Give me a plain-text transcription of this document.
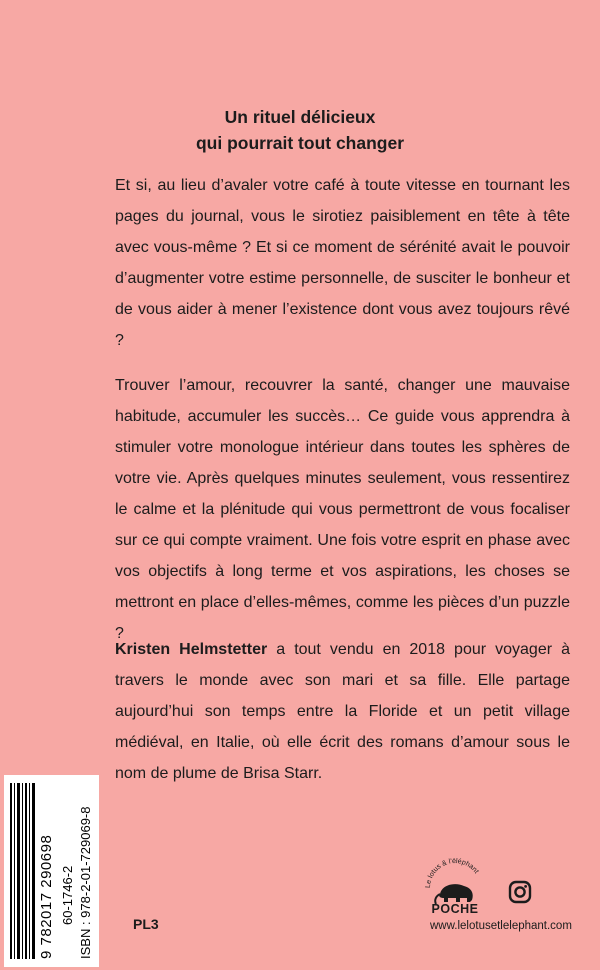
Un rituel délicieux
qui pourrait tout changer

Et si, au lieu d’avaler votre café à toute vitesse en tournant les pages du journal, vous le sirotiez paisiblement en tête à tête avec vous-même ? Et si ce moment de sérénité avait le pouvoir d’augmenter votre estime personnelle, de susciter le bonheur et de vous aider à mener l’existence dont vous avez toujours rêvé ?

Trouver l’amour, recouvrer la santé, changer une mauvaise habitude, accumuler les succès… Ce guide vous apprendra à stimuler votre monologue intérieur dans toutes les sphères de votre vie. Après quelques minutes seulement, vous ressentirez le calme et la plénitude qui vous permettront de vous focaliser sur ce qui compte vraiment. Une fois votre esprit en phase avec vos objectifs à long terme et vos aspirations, les choses se mettront en place d’elles-mêmes, comme les pièces d’un puzzle ?

Kristen Helmstetter a tout vendu en 2018 pour voyager à travers le monde avec son mari et sa fille. Elle partage aujourd’hui son temps entre la Floride et un petit village médiéval, en Italie, où elle écrit des romans d’amour sous le nom de plume de Brisa Starr.

9 782017 290698 60-1746-2 ISBN : 978-2-01-729069-8	PL3
Le lotus & l'éléphant
POCHE
www.lelotusetlelephant.com
